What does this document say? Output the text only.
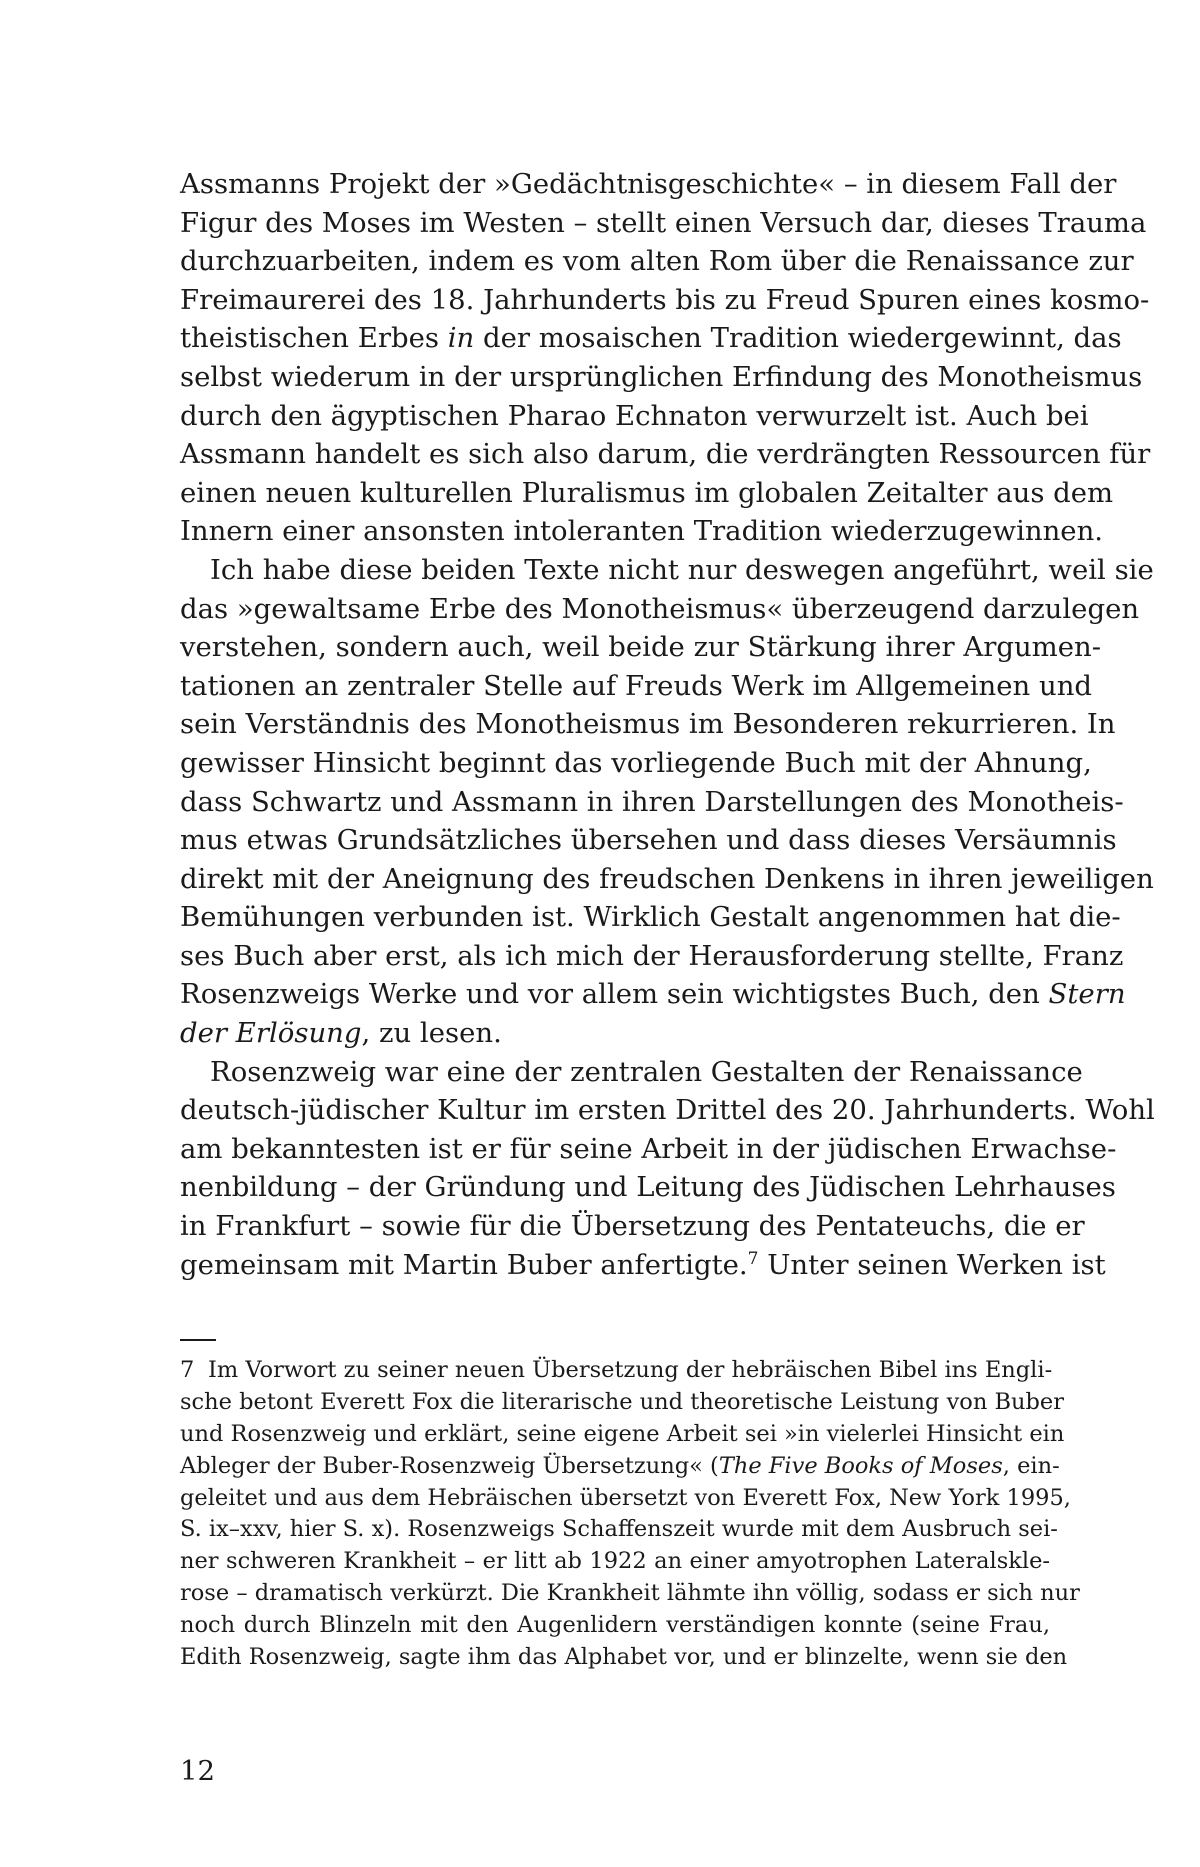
Assmanns Projekt der »Gedächtnisgeschichte« – in diesem Fall der
Figur des Moses im Westen – stellt einen Versuch dar, dieses Trauma
durchzuarbeiten, indem es vom alten Rom über die Renaissance zur
Freimaurerei des 18. Jahrhunderts bis zu Freud Spuren eines kosmo-
theistischen Erbes in der mosaischen Tradition wiedergewinnt, das
selbst wiederum in der ursprünglichen Erfindung des Monotheismus
durch den ägyptischen Pharao Echnaton verwurzelt ist. Auch bei
Assmann handelt es sich also darum, die verdrängten Ressourcen für
einen neuen kulturellen Pluralismus im globalen Zeitalter aus dem
Innern einer ansonsten intoleranten Tradition wiederzugewinnen.
Ich habe diese beiden Texte nicht nur deswegen angeführt, weil sie
das »gewaltsame Erbe des Monotheismus« überzeugend darzulegen
verstehen, sondern auch, weil beide zur Stärkung ihrer Argumen-
tationen an zentraler Stelle auf Freuds Werk im Allgemeinen und
sein Verständnis des Monotheismus im Besonderen rekurrieren. In
gewisser Hinsicht beginnt das vorliegende Buch mit der Ahnung,
dass Schwartz und Assmann in ihren Darstellungen des Monotheis-
mus etwas Grundsätzliches übersehen und dass dieses Versäumnis
direkt mit der Aneignung des freudschen Denkens in ihren jeweiligen
Bemühungen verbunden ist. Wirklich Gestalt angenommen hat die-
ses Buch aber erst, als ich mich der Herausforderung stellte, Franz
Rosenzweigs Werke und vor allem sein wichtigstes Buch, den Stern
der Erlösung, zu lesen.
Rosenzweig war eine der zentralen Gestalten der Renaissance
deutsch-jüdischer Kultur im ersten Drittel des 20. Jahrhunderts. Wohl
am bekanntesten ist er für seine Arbeit in der jüdischen Erwachse-
nenbildung – der Gründung und Leitung des Jüdischen Lehrhauses
in Frankfurt – sowie für die Übersetzung des Pentateuchs, die er
gemeinsam mit Martin Buber anfertigte.$^7$ Unter seinen Werken ist
7 Im Vorwort zu seiner neuen Übersetzung der hebräischen Bibel ins Engli-
sche betont Everett Fox die literarische und theoretische Leistung von Buber
und Rosenzweig und erklärt, seine eigene Arbeit sei »in vielerlei Hinsicht ein
Ableger der Buber-Rosenzweig Übersetzung« (The Five Books of Moses, ein-
geleitet und aus dem Hebräischen übersetzt von Everett Fox, New York 1995,
S. ix–xxv, hier S. x). Rosenzweigs Schaffenszeit wurde mit dem Ausbruch sei-
ner schweren Krankheit – er litt ab 1922 an einer amyotrophen Lateralskle-
rose – dramatisch verkürzt. Die Krankheit lähmte ihn völlig, sodass er sich nur
noch durch Blinzeln mit den Augenlidern verständigen konnte (seine Frau,
Edith Rosenzweig, sagte ihm das Alphabet vor, und er blinzelte, wenn sie den
12
